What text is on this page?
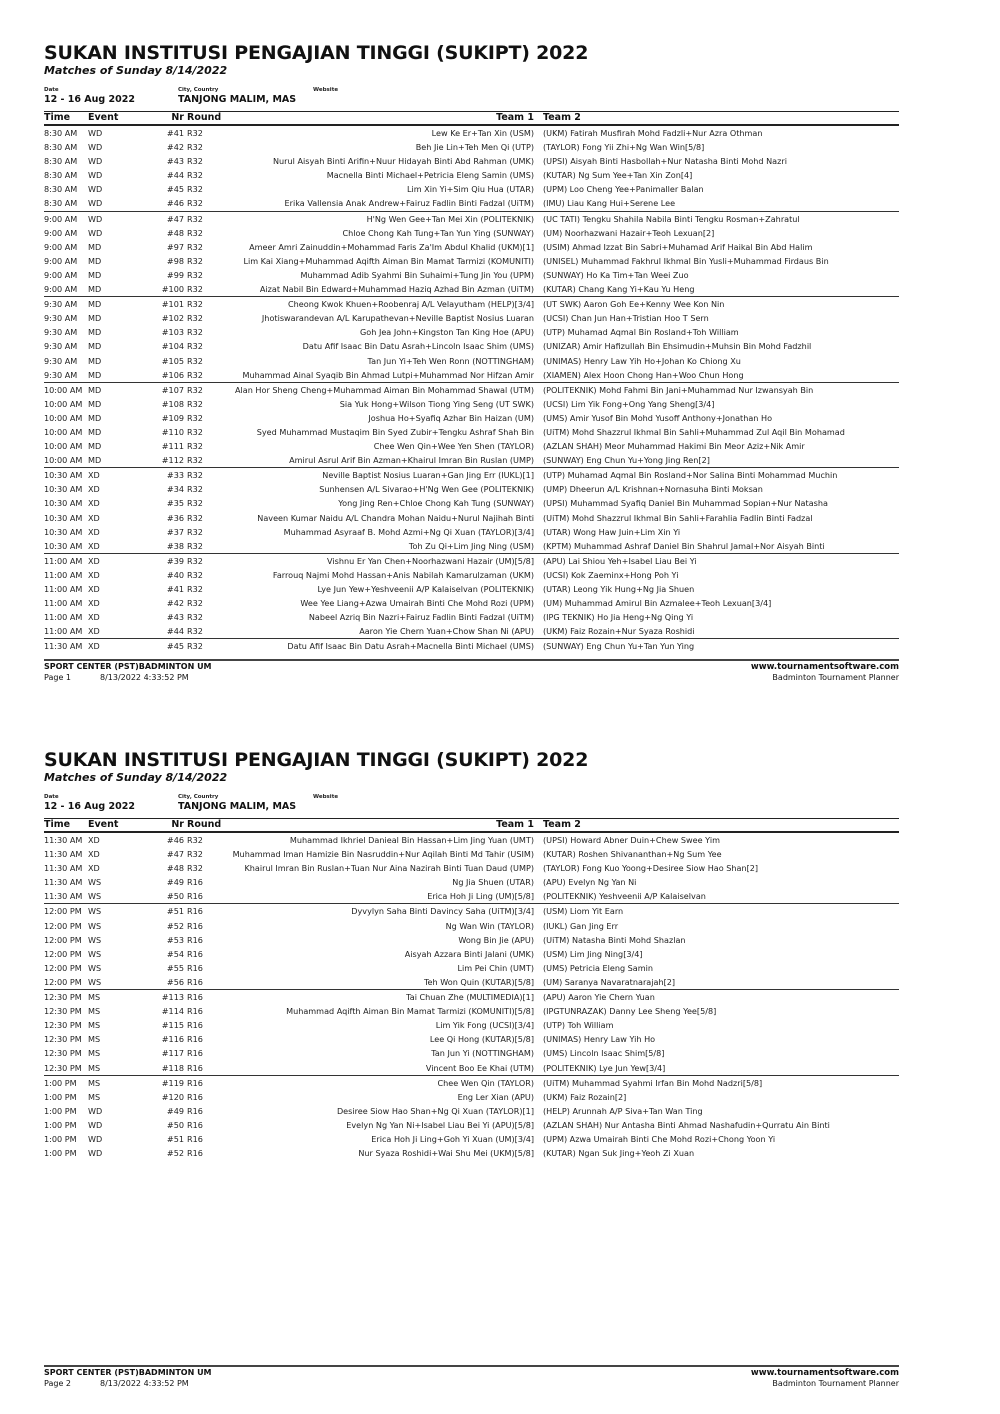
SUKAN INSTITUSI PENGAJIAN TINGGI (SUKIPT) 2022
Matches of Sunday 8/14/2022
Date
12 - 16 Aug 2022
City, Country
TANJONG MALIM, MAS
Website
Time Event	Nr Round	Team 1 Team 2
8:30 AM WD	#41 R32	Lew Ke Er+Tan Xin (USM) (UKM) Fatirah Musfirah Mohd Fadzli+Nur Azra Othman
8:30 AM WD	#42 R32	Beh Jie Lin+Teh Men Qi (UTP) (TAYLOR) Fong Yii Zhi+Ng Wan Win[5/8]
8:30 AM WD	#43 R32	Nurul Aisyah Binti Arifin+Nuur Hidayah Binti Abd Rahman (UMK) (UPSI) Aisyah Binti Hasbollah+Nur Natasha Binti Mohd Nazri
8:30 AM WD	#44 R32	Macnella Binti Michael+Petricia Eleng Samin (UMS) (KUTAR) Ng Sum Yee+Tan Xin Zon[4]
8:30 AM WD	#45 R32	Lim Xin Yi+Sim Qiu Hua (UTAR) (UPM) Loo Cheng Yee+Panimaller Balan
8:30 AM WD	#46 R32	Erika Vallensia Anak Andrew+Fairuz Fadlin Binti Fadzal (UiTM) (IMU) Liau Kang Hui+Serene Lee
9:00 AM WD	#47 R32	H'Ng Wen Gee+Tan Mei Xin (POLITEKNIK) (UC TATI) Tengku Shahila Nabila Binti Tengku Rosman+Zahratul
9:00 AM WD	#48 R32	Chloe Chong Kah Tung+Tan Yun Ying (SUNWAY) (UM) Noorhazwani Hazair+Teoh Lexuan[2]
9:00 AM MD	#97 R32	Ameer Amri Zainuddin+Mohammad Faris Za'Im Abdul Khalid (UKM)[1] (USIM) Ahmad Izzat Bin Sabri+Muhamad Arif Haikal Bin Abd Halim
9:00 AM MD	#98 R32	Lim Kai Xiang+Muhammad Aqifth Aiman Bin Mamat Tarmizi (KOMUNITI) (UNISEL) Muhammad Fakhrul Ikhmal Bin Yusli+Muhammad Firdaus Bin
9:00 AM MD	#99 R32	Muhammad Adib Syahmi Bin Suhaimi+Tung Jin You (UPM) (SUNWAY) Ho Ka Tim+Tan Weei Zuo
9:00 AM MD	#100 R32	Aizat Nabil Bin Edward+Muhammad Haziq Azhad Bin Azman (UiTM) (KUTAR) Chang Kang Yi+Kau Yu Heng
9:30 AM MD	#101 R32	Cheong Kwok Khuen+Roobenraj A/L Velayutham (HELP)[3/4] (UT SWK) Aaron Goh Ee+Kenny Wee Kon Nin
9:30 AM MD	#102 R32	Jhotiswarandevan A/L Karupathevan+Neville Baptist Nosius Luaran (UCSI) Chan Jun Han+Tristian Hoo T Sern
9:30 AM MD	#103 R32	Goh Jea John+Kingston Tan King Hoe (APU) (UTP) Muhamad Aqmal Bin Rosland+Toh William
9:30 AM MD	#104 R32	Datu Afif Isaac Bin Datu Asrah+Lincoln Isaac Shim (UMS) (UNIZAR) Amir Hafizullah Bin Ehsimudin+Muhsin Bin Mohd Fadzhil
9:30 AM MD	#105 R32	Tan Jun Yi+Teh Wen Ronn (NOTTINGHAM) (UNIMAS) Henry Law Yih Ho+Johan Ko Chiong Xu
9:30 AM MD	#106 R32	Muhammad Ainal Syaqib Bin Ahmad Lutpi+Muhammad Nor Hifzan Amir (XIAMEN) Alex Hoon Chong Han+Woo Chun Hong
10:00 AM MD	#107 R32	Alan Hor Sheng Cheng+Muhammad Aiman Bin Mohammad Shawal (UTM) (POLITEKNIK) Mohd Fahmi Bin Jani+Muhammad Nur Izwansyah Bin
10:00 AM MD	#108 R32	Sia Yuk Hong+Wilson Tiong Ying Seng (UT SWK) (UCSI) Lim Yik Fong+Ong Yang Sheng[3/4]
10:00 AM MD	#109 R32	Joshua Ho+Syafiq Azhar Bin Haizan (UM) (UMS) Amir Yusof Bin Mohd Yusoff Anthony+Jonathan Ho
10:00 AM MD	#110 R32	Syed Muhammad Mustaqim Bin Syed Zubir+Tengku Ashraf Shah Bin (UiTM) Mohd Shazzrul Ikhmal Bin Sahli+Muhammad Zul Aqil Bin Mohamad
10:00 AM MD	#111 R32	Chee Wen Qin+Wee Yen Shen (TAYLOR) (AZLAN SHAH) Meor Muhammad Hakimi Bin Meor Aziz+Nik Amir
10:00 AM MD	#112 R32	Amirul Asrul Arif Bin Azman+Khairul Imran Bin Ruslan (UMP) (SUNWAY) Eng Chun Yu+Yong Jing Ren[2]
10:30 AM XD	#33 R32	Neville Baptist Nosius Luaran+Gan Jing Err (IUKL)[1] (UTP) Muhamad Aqmal Bin Rosland+Nor Salina Binti Mohammad Muchin
10:30 AM XD	#34 R32	Sunhensen A/L Sivarao+H'Ng Wen Gee (POLITEKNIK) (UMP) Dheerun A/L Krishnan+Nornasuha Binti Moksan
10:30 AM XD	#35 R32	Yong Jing Ren+Chloe Chong Kah Tung (SUNWAY) (UPSI) Muhammad Syafiq Daniel Bin Muhammad Sopian+Nur Natasha
10:30 AM XD	#36 R32	Naveen Kumar Naidu A/L Chandra Mohan Naidu+Nurul Najihah Binti (UiTM) Mohd Shazzrul Ikhmal Bin Sahli+Farahlia Fadlin Binti Fadzal
10:30 AM XD	#37 R32	Muhammad Asyraaf B. Mohd Azmi+Ng Qi Xuan (TAYLOR)[3/4] (UTAR) Wong Haw Juin+Lim Xin Yi
10:30 AM XD	#38 R32	Toh Zu Qi+Lim Jing Ning (USM) (KPTM) Muhammad Ashraf Daniel Bin Shahrul Jamal+Nor Aisyah Binti
11:00 AM XD	#39 R32	Vishnu Er Yan Chen+Noorhazwani Hazair (UM)[5/8] (APU) Lai Shiou Yeh+Isabel Liau Bei Yi
11:00 AM XD	#40 R32	Farrouq Najmi Mohd Hassan+Anis Nabilah Kamarulzaman (UKM) (UCSI) Kok Zaeminx+Hong Poh Yi
11:00 AM XD	#41 R32	Lye Jun Yew+Yeshveenii A/P Kalaiselvan (POLITEKNIK) (UTAR) Leong Yik Hung+Ng Jia Shuen
11:00 AM XD	#42 R32	Wee Yee Liang+Azwa Umairah Binti Che Mohd Rozi (UPM) (UM) Muhammad Amirul Bin Azmalee+Teoh Lexuan[3/4]
11:00 AM XD	#43 R32	Nabeel Azriq Bin Nazri+Fairuz Fadlin Binti Fadzal (UiTM) (IPG TEKNIK) Ho Jia Heng+Ng Qing Yi
11:00 AM XD	#44 R32	Aaron Yie Chern Yuan+Chow Shan Ni (APU) (UKM) Faiz Rozain+Nur Syaza Roshidi
11:30 AM XD	#45 R32	Datu Afif Isaac Bin Datu Asrah+Macnella Binti Michael (UMS) (SUNWAY) Eng Chun Yu+Tan Yun Ying
SPORT CENTER (PST)BADMINTON UM
Page 1	8/13/2022 4:33:52 PM
www.tournamentsoftware.com
Badminton Tournament Planner
SUKAN INSTITUSI PENGAJIAN TINGGI (SUKIPT) 2022
Matches of Sunday 8/14/2022
Date
12 - 16 Aug 2022
City, Country
TANJONG MALIM, MAS
Website
Time Event	Nr Round	Team 1 Team 2
11:30 AM XD	#46 R32	Muhammad Ikhriel Danieal Bin Hassan+Lim Jing Yuan (UMT) (UPSI) Howard Abner Duin+Chew Swee Yim
11:30 AM XD	#47 R32	Muhammad Iman Hamizie Bin Nasruddin+Nur Aqilah Binti Md Tahir (USIM) (KUTAR) Roshen Shivananthan+Ng Sum Yee
11:30 AM XD	#48 R32	Khairul Imran Bin Ruslan+Tuan Nur Aina Nazirah Binti Tuan Daud (UMP) (TAYLOR) Fong Kuo Yoong+Desiree Siow Hao Shan[2]
11:30 AM WS	#49 R16	Ng Jia Shuen (UTAR) (APU) Evelyn Ng Yan Ni
11:30 AM WS	#50 R16	Erica Hoh Ji Ling (UM)[5/8] (POLITEKNIK) Yeshveenii A/P Kalaiselvan
12:00 PM WS	#51 R16	Dyvylyn Saha Binti Davincy Saha (UiTM)[3/4] (USM) Liom Yit Earn
12:00 PM WS	#52 R16	Ng Wan Win (TAYLOR) (IUKL) Gan Jing Err
12:00 PM WS	#53 R16	Wong Bin Jie (APU) (UiTM) Natasha Binti Mohd Shazlan
12:00 PM WS	#54 R16	Aisyah Azzara Binti Jalani (UMK) (USM) Lim Jing Ning[3/4]
12:00 PM WS	#55 R16	Lim Pei Chin (UMT) (UMS) Petricia Eleng Samin
12:00 PM WS	#56 R16	Teh Won Quin (KUTAR)[5/8] (UM) Saranya Navaratnarajah[2]
12:30 PM MS	#113 R16	Tai Chuan Zhe (MULTIMEDIA)[1] (APU) Aaron Yie Chern Yuan
12:30 PM MS	#114 R16	Muhammad Aqifth Aiman Bin Mamat Tarmizi (KOMUNITI)[5/8] (IPGTUNRAZAK) Danny Lee Sheng Yee[5/8]
12:30 PM MS	#115 R16	Lim Yik Fong (UCSI)[3/4] (UTP) Toh William
12:30 PM MS	#116 R16	Lee Qi Hong (KUTAR)[5/8] (UNIMAS) Henry Law Yih Ho
12:30 PM MS	#117 R16	Tan Jun Yi (NOTTINGHAM) (UMS) Lincoln Isaac Shim[5/8]
12:30 PM MS	#118 R16	Vincent Boo Ee Khai (UTM) (POLITEKNIK) Lye Jun Yew[3/4]
1:00 PM MS	#119 R16	Chee Wen Qin (TAYLOR) (UiTM) Muhammad Syahmi Irfan Bin Mohd Nadzri[5/8]
1:00 PM MS	#120 R16	Eng Ler Xian (APU) (UKM) Faiz Rozain[2]
1:00 PM WD	#49 R16	Desiree Siow Hao Shan+Ng Qi Xuan (TAYLOR)[1] (HELP) Arunnah A/P Siva+Tan Wan Ting
1:00 PM WD	#50 R16	Evelyn Ng Yan Ni+Isabel Liau Bei Yi (APU)[5/8] (AZLAN SHAH) Nur Antasha Binti Ahmad Nashafudin+Qurratu Ain Binti
1:00 PM WD	#51 R16	Erica Hoh Ji Ling+Goh Yi Xuan (UM)[3/4] (UPM) Azwa Umairah Binti Che Mohd Rozi+Chong Yoon Yi
1:00 PM WD	#52 R16	Nur Syaza Roshidi+Wai Shu Mei (UKM)[5/8] (KUTAR) Ngan Suk Jing+Yeoh Zi Xuan
SPORT CENTER (PST)BADMINTON UM
Page 2	8/13/2022 4:33:52 PM
www.tournamentsoftware.com
Badminton Tournament Planner
